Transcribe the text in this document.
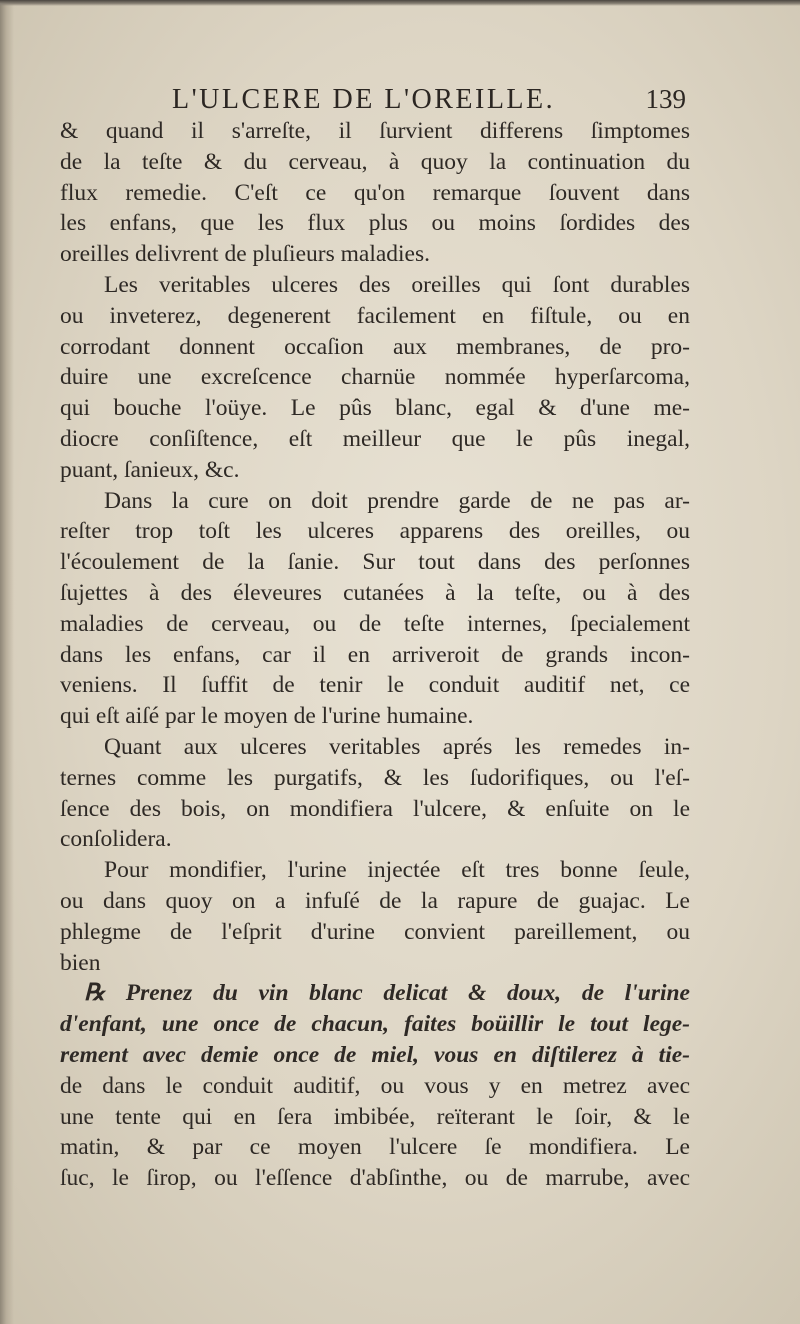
L'ULCERE DE L'OREILLE.	139
& quand il s'arreſte, il ſurvient differens ſimptomes
de la teſte & du cerveau, à quoy la continuation du
flux remedie. C'eſt ce qu'on remarque ſouvent dans
les enfans, que les flux plus ou moins ſordides des
oreilles delivrent de pluſieurs maladies.
Les veritables ulceres des oreilles qui ſont durables
ou inveterez, degenerent facilement en fiſtule, ou en
corrodant donnent occaſion aux membranes, de pro-
duire une excreſcence charnüe nommée hyperſarcoma,
qui bouche l'oüye. Le pûs blanc, egal & d'une me-
diocre conſiſtence, eſt meilleur que le pûs inegal,
puant, ſanieux, &c.
Dans la cure on doit prendre garde de ne pas ar-
reſter trop toſt les ulceres apparens des oreilles, ou
l'écoulement de la ſanie. Sur tout dans des perſonnes
ſujettes à des éleveures cutanées à la teſte, ou à des
maladies de cerveau, ou de teſte internes, ſpecialement
dans les enfans, car il en arriveroit de grands incon-
veniens. Il ſuffit de tenir le conduit auditif net, ce
qui eſt aiſé par le moyen de l'urine humaine.
Quant aux ulceres veritables aprés les remedes in-
ternes comme les purgatifs, & les ſudorifiques, ou l'eſ-
ſence des bois, on mondifiera l'ulcere, & enſuite on le
conſolidera.
Pour mondifier, l'urine injectée eſt tres bonne ſeule,
ou dans quoy on a infuſé de la rapure de guajac. Le
phlegme de l'eſprit d'urine convient pareillement, ou
bien
℞ Prenez du vin blanc delicat & doux, de l'urine
d'enfant, une once de chacun, faites boüillir le tout lege-
rement avec demie once de miel, vous en diſtilerez à tie-
de dans le conduit auditif, ou vous y en metrez avec
une tente qui en ſera imbibée, reïterant le ſoir, & le
matin, & par ce moyen l'ulcere ſe mondifiera. Le
ſuc, le ſirop, ou l'eſſence d'abſinthe, ou de marrube, avec
